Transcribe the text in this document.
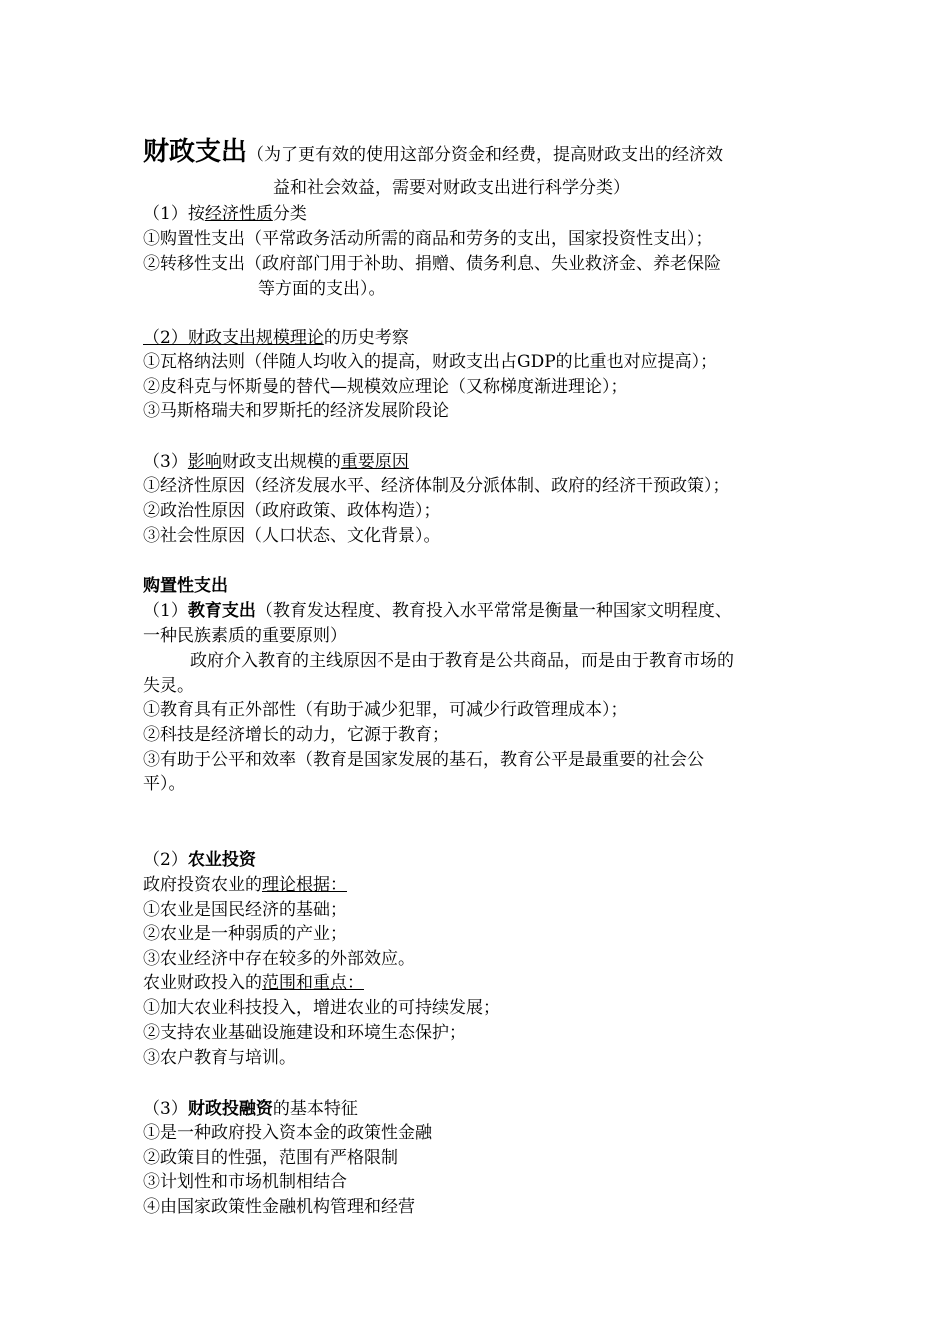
财政支出（为了更有效的使用这部分资金和经费，提高财政支出的经济效
益和社会效益，需要对财政支出进行科学分类）
（1）按经济性质分类
①购置性支出（平常政务活动所需的商品和劳务的支出，国家投资性支出）；
②转移性支出（政府部门用于补助、捐赠、债务利息、失业救济金、养老保险
等方面的支出）。
（2）财政支出规模理论的历史考察
①瓦格纳法则（伴随人均收入的提高，财政支出占GDP的比重也对应提高）；
②皮科克与怀斯曼的替代—规模效应理论（又称梯度渐进理论）；
③马斯格瑞夫和罗斯托的经济发展阶段论
（3）影响财政支出规模的重要原因
①经济性原因（经济发展水平、经济体制及分派体制、政府的经济干预政策）；
②政治性原因（政府政策、政体构造）；
③社会性原因（人口状态、文化背景）。
购置性支出
（1）教育支出（教育发达程度、教育投入水平常常是衡量一种国家文明程度、
一种民族素质的重要原则）
政府介入教育的主线原因不是由于教育是公共商品，而是由于教育市场的
失灵。
①教育具有正外部性（有助于减少犯罪，可减少行政管理成本）；
②科技是经济增长的动力，它源于教育；
③有助于公平和效率（教育是国家发展的基石，教育公平是最重要的社会公
平）。
（2）农业投资
政府投资农业的理论根据：
①农业是国民经济的基础；
②农业是一种弱质的产业；
③农业经济中存在较多的外部效应。
农业财政投入的范围和重点：
①加大农业科技投入，增进农业的可持续发展；
②支持农业基础设施建设和环境生态保护；
③农户教育与培训。
（3）财政投融资的基本特征
①是一种政府投入资本金的政策性金融
②政策目的性强，范围有严格限制
③计划性和市场机制相结合
④由国家政策性金融机构管理和经营
